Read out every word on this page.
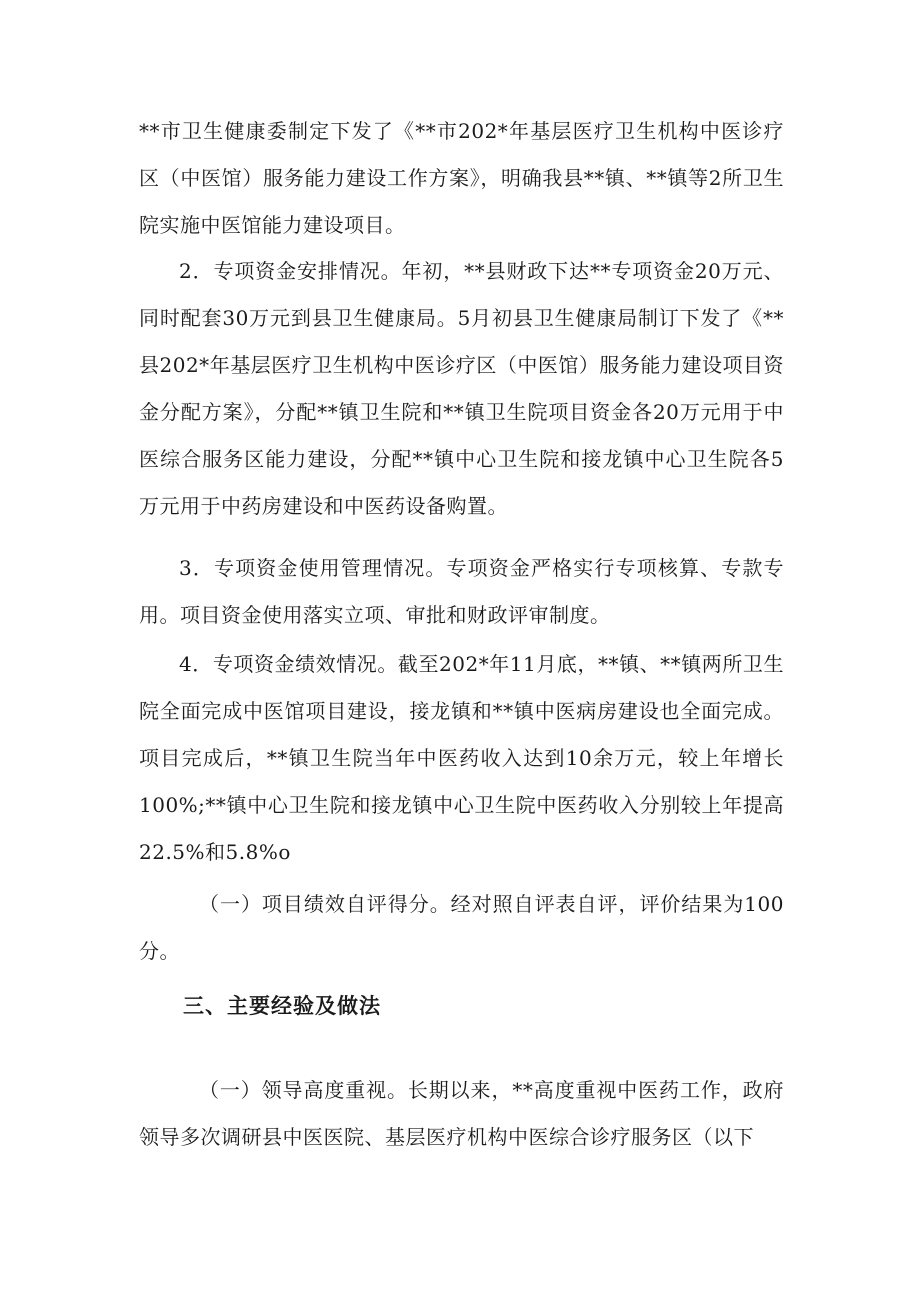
**市卫生健康委制定下发了《**市202*年基层医疗卫生机构中医诊疗区（中医馆）服务能力建设工作方案》，明确我县**镇、**镇等2所卫生院实施中医馆能力建设项目。

2．专项资金安排情况。年初，**县财政下达**专项资金20万元、同时配套30万元到县卫生健康局。5月初县卫生健康局制订下发了《**县202*年基层医疗卫生机构中医诊疗区（中医馆）服务能力建设项目资金分配方案》，分配**镇卫生院和**镇卫生院项目资金各20万元用于中医综合服务区能力建设，分配**镇中心卫生院和接龙镇中心卫生院各5万元用于中药房建设和中医药设备购置。

3．专项资金使用管理情况。专项资金严格实行专项核算、专款专用。项目资金使用落实立项、审批和财政评审制度。

4．专项资金绩效情况。截至202*年11月底，**镇、**镇两所卫生院全面完成中医馆项目建设，接龙镇和**镇中医病房建设也全面完成。项目完成后，**镇卫生院当年中医药收入达到10余万元，较上年增长100%;**镇中心卫生院和接龙镇中心卫生院中医药收入分别较上年提高22.5%和5.8%o

（一）项目绩效自评得分。经对照自评表自评，评价结果为100分。

三、主要经验及做法

（一）领导高度重视。长期以来，**高度重视中医药工作，政府领导多次调研县中医医院、基层医疗机构中医综合诊疗服务区（以下
